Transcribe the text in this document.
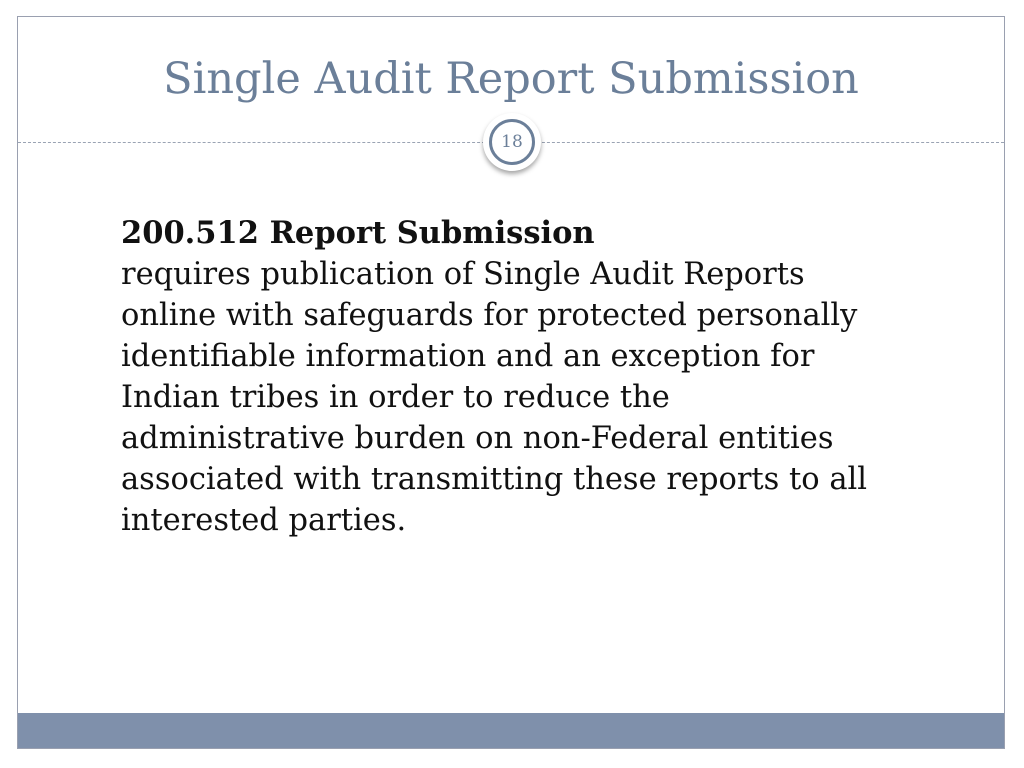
Single Audit Report Submission
18
200.512 Report Submission
requires publication of Single Audit Reports
online with safeguards for protected personally
identifiable information and an exception for
Indian tribes in order to reduce the
administrative burden on non-Federal entities
associated with transmitting these reports to all
interested parties.
